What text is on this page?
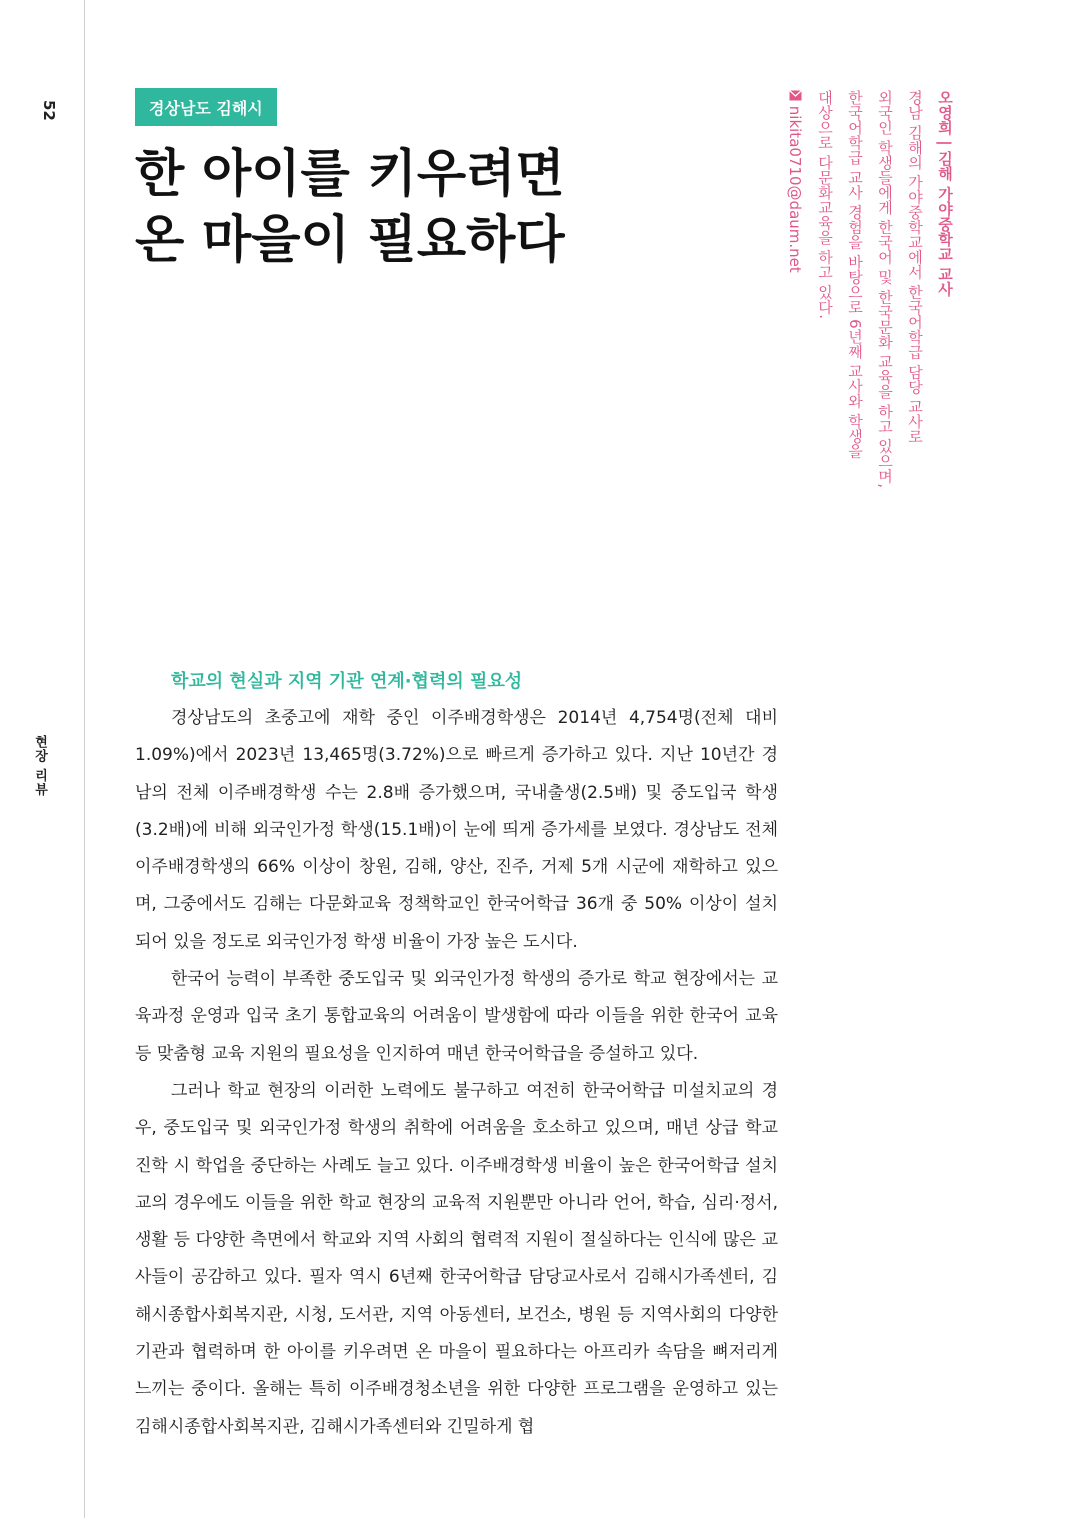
52
현장 리뷰
경상남도 김해시
한 아이를 키우려면
온 마을이 필요하다	오영희 | 김해 가야중학교 교사
경남 김해의 가야중학교에서 한국어학급 담당 교사로
외국인 학생들에게 한국어 및 한국문화 교육을 하고 있으며,
한국어학급 교사 경험을 바탕으로 6년째 교사와 학생을
대상으로 다문화교육을 하고 있다.
nikita0710@daum.net
학교의 현실과 지역 기관 연계·협력의 필요성

경상남도의 초중고에 재학 중인 이주배경학생은 2014년 4,754명(전체 대비 1.09%)에서 2023년 13,465명(3.72%)으로 빠르게 증가하고 있다. 지난 10년간 경남의 전체 이주배경학생 수는 2.8배 증가했으며, 국내출생(2.5배) 및 중도입국 학생(3.2배)에 비해 외국인가정 학생(15.1배)이 눈에 띄게 증가세를 보였다. 경상남도 전체 이주배경학생의 66% 이상이 창원, 김해, 양산, 진주, 거제 5개 시군에 재학하고 있으며, 그중에서도 김해는 다문화교육 정책학교인 한국어학급 36개 중 50% 이상이 설치되어 있을 정도로 외국인가정 학생 비율이 가장 높은 도시다.

한국어 능력이 부족한 중도입국 및 외국인가정 학생의 증가로 학교 현장에서는 교육과정 운영과 입국 초기 통합교육의 어려움이 발생함에 따라 이들을 위한 한국어 교육 등 맞춤형 교육 지원의 필요성을 인지하여 매년 한국어학급을 증설하고 있다.

그러나 학교 현장의 이러한 노력에도 불구하고 여전히 한국어학급 미설치교의 경우, 중도입국 및 외국인가정 학생의 취학에 어려움을 호소하고 있으며, 매년 상급 학교 진학 시 학업을 중단하는 사례도 늘고 있다. 이주배경학생 비율이 높은 한국어학급 설치교의 경우에도 이들을 위한 학교 현장의 교육적 지원뿐만 아니라 언어, 학습, 심리·정서, 생활 등 다양한 측면에서 학교와 지역 사회의 협력적 지원이 절실하다는 인식에 많은 교사들이 공감하고 있다. 필자 역시 6년째 한국어학급 담당교사로서 김해시가족센터, 김해시종합사회복지관, 시청, 도서관, 지역 아동센터, 보건소, 병원 등 지역사회의 다양한 기관과 협력하며 한 아이를 키우려면 온 마을이 필요하다는 아프리카 속담을 뼈저리게 느끼는 중이다. 올해는 특히 이주배경청소년을 위한 다양한 프로그램을 운영하고 있는 김해시종합사회복지관, 김해시가족센터와 긴밀하게 협
